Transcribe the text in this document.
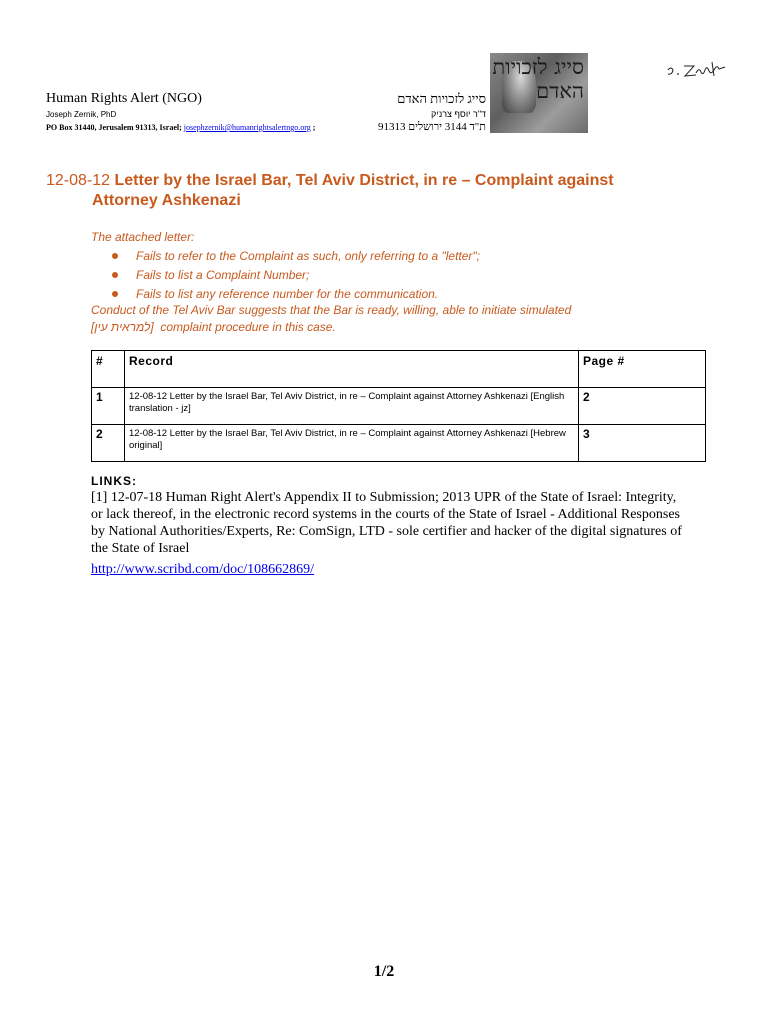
Human Rights Alert (NGO)
Joseph Zernik, PhD
PO Box 31440, Jerusalem 91313, Israel; josephzernik@humanrightsalertngo.org ;
סייג לזכויות האדם
ד"ר יוסף צרניק
ת"ד 3144 ירושלים 91313
סייג לזכויות האדם
12-08-12 Letter by the Israel Bar, Tel Aviv District, in re – Complaint against
Attorney Ashkenazi
The attached letter:
Fails to refer to the Complaint as such, only referring to a "letter";
Fails to list a Complaint Number;
Fails to list any reference number for the communication.
Conduct of the Tel Aviv Bar suggests that the Bar is ready, willing, able to initiate simulated
[למראית עין]  complaint procedure in this case.
#	Record	Page #
1	12-08-12 Letter by the Israel Bar, Tel Aviv District, in re – Complaint against Attorney Ashkenazi [English translation - jz]	2
2	12-08-12 Letter by the Israel Bar, Tel Aviv District, in re – Complaint against Attorney Ashkenazi [Hebrew original]	3
LINKS:
[1] 12-07-18 Human Right Alert's Appendix II to Submission; 2013 UPR of the State of Israel: Integrity, or lack thereof, in the electronic record systems in the courts of the State of Israel - Additional Responses by National Authorities/Experts, Re: ComSign, LTD - sole certifier and hacker of the digital signatures of the State of Israel
http://www.scribd.com/doc/108662869/
1/2
